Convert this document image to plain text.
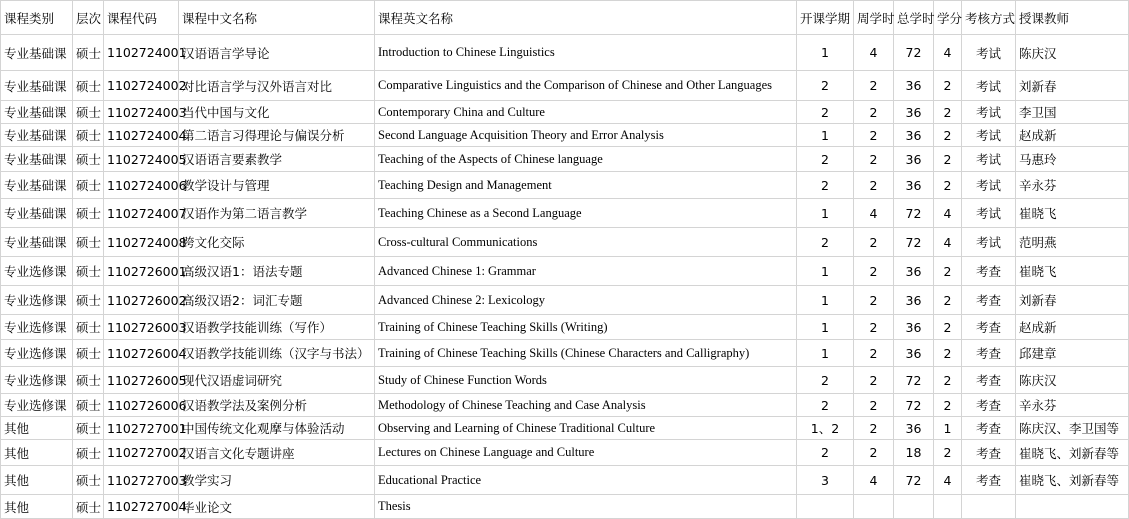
课程类别	层次	课程代码	课程中文名称	课程英文名称	开课学期	周学时	总学时	学分	考核方式	授课教师
专业基础课	硕士	1102724001	汉语语言学导论	Introduction to Chinese Linguistics	1	4	72	4	考试	陈庆汉
专业基础课	硕士	1102724002	对比语言学与汉外语言对比	Comparative Linguistics and the Comparison of Chinese and Other Languages	2	2	36	2	考试	刘新春
专业基础课	硕士	1102724003	当代中国与文化	Contemporary China and Culture	2	2	36	2	考试	李卫国
专业基础课	硕士	1102724004	第二语言习得理论与偏误分析	Second Language Acquisition Theory and Error Analysis	1	2	36	2	考试	赵成新
专业基础课	硕士	1102724005	汉语语言要素教学	Teaching of the Aspects of Chinese language	2	2	36	2	考试	马惠玲
专业基础课	硕士	1102724006	教学设计与管理	Teaching Design and Management	2	2	36	2	考试	辛永芬
专业基础课	硕士	1102724007	汉语作为第二语言教学	Teaching Chinese as a Second Language	1	4	72	4	考试	崔晓飞
专业基础课	硕士	1102724008	跨文化交际	Cross-cultural Communications	2	2	72	4	考试	范明燕
专业选修课	硕士	1102726001	高级汉语1：语法专题	Advanced Chinese 1: Grammar	1	2	36	2	考查	崔晓飞
专业选修课	硕士	1102726002	高级汉语2：词汇专题	Advanced Chinese 2: Lexicology	1	2	36	2	考查	刘新春
专业选修课	硕士	1102726003	汉语教学技能训练（写作）	Training of Chinese Teaching Skills (Writing)	1	2	36	2	考查	赵成新
专业选修课	硕士	1102726004	汉语教学技能训练（汉字与书法）	Training of Chinese Teaching Skills (Chinese Characters and Calligraphy)	1	2	36	2	考查	邱建章
专业选修课	硕士	1102726005	现代汉语虚词研究	Study of Chinese Function Words	2	2	72	2	考查	陈庆汉
专业选修课	硕士	1102726006	汉语教学法及案例分析	Methodology of Chinese Teaching and Case Analysis	2	2	72	2	考查	辛永芬
其他	硕士	1102727001	中国传统文化观摩与体验活动	Observing and Learning of Chinese Traditional Culture	1、2	2	36	1	考查	陈庆汉、李卫国等
其他	硕士	1102727002	汉语言文化专题讲座	Lectures on Chinese Language and Culture	2	2	18	2	考查	崔晓飞、刘新春等
其他	硕士	1102727003	教学实习	Educational Practice	3	4	72	4	考查	崔晓飞、刘新春等
其他	硕士	1102727004	毕业论文	Thesis						
